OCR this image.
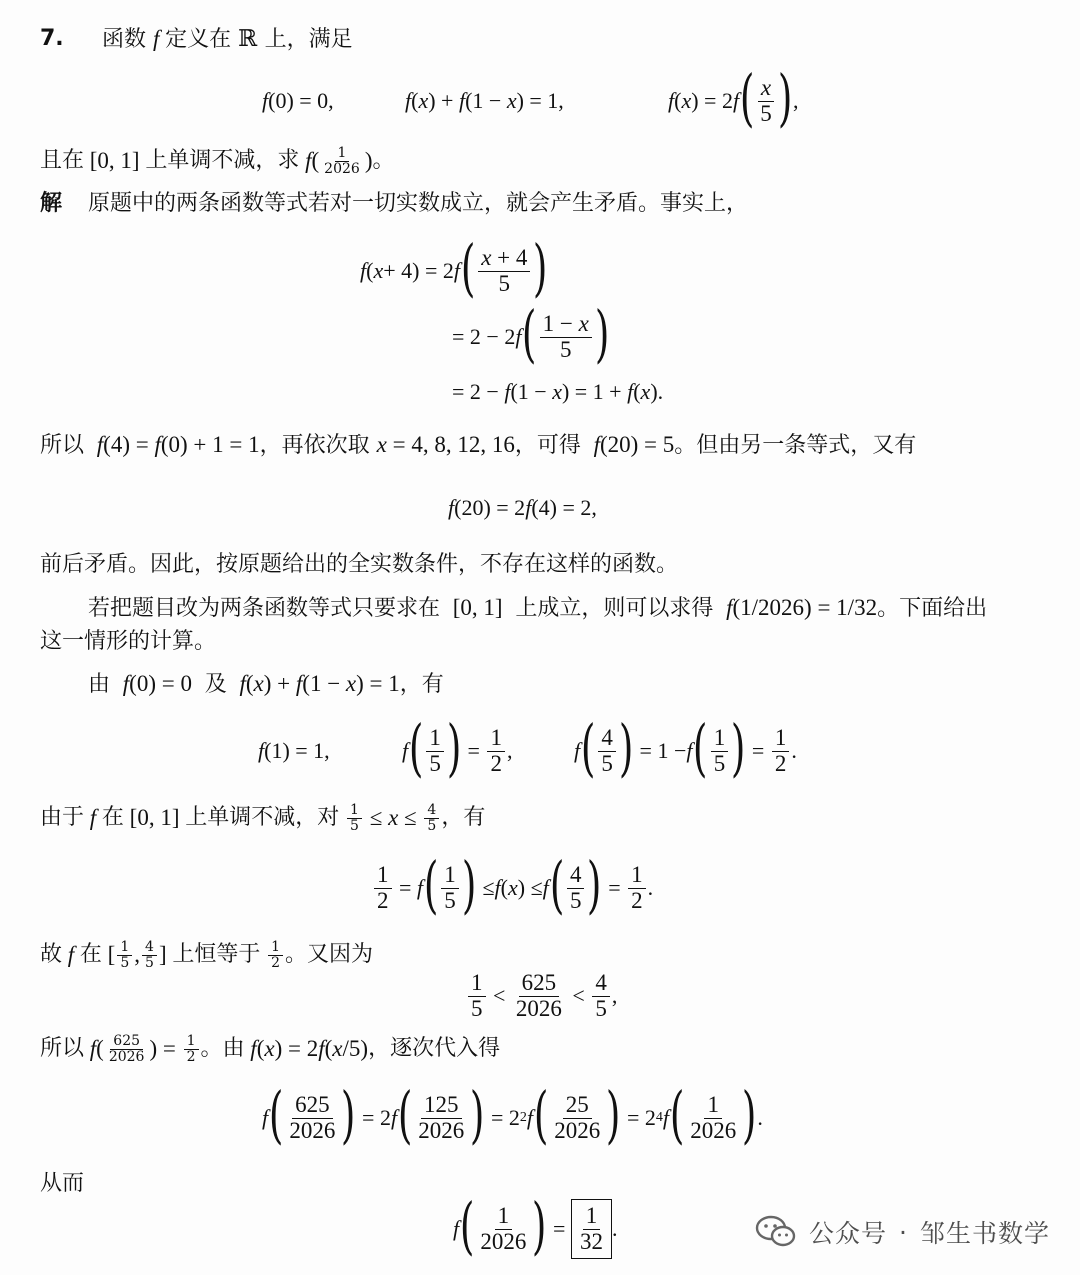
7. 函数 f 定义在 ℝ 上，满足
f(0) = 0,	f(x) + f(1 − x) = 1,	f ( x ) = 2 f ( $\frac{x}{5}$ ) ,
且在 [0, 1] 上单调不减，求 $f( \frac{1}{2026}$ ) 。
解 原题中的两条函数等式若对一切实数成立，就会产生矛盾。事实上，
f ( x + 4) = 2 f ( $\frac{x + 4}{5}$ )
= 2 − 2 f ( $\frac{1 - x}{5}$ )
= 2 − f(1 − x) = 1 + f(x).
所以 f(4) = f(0) + 1 = 1，再依次取 x = 4, 8, 12, 16，可得 f(20) = 5。但由另一条等式，又有
f(20) = 2f(4) = 2,
前后矛盾。因此，按原题给出的全实数条件，不存在这样的函数。
若把题目改为两条函数等式只要求在  [0, 1]  上成立，则可以求得 f(1/2026) = 1/32。下面给出
这一情形的计算。
由 f(0) = 0  及 f(x) + f(1 − x) = 1，有
f(1) = 1,	f ( $\frac{1}{5}$ ) = $\frac{1}{2}$ ,	f ( $\frac{4}{5}$ ) = 1 − f ( $\frac{1}{5}$ ) = $\frac{1}{2}$ .
由于 f 在 [0, 1] 上单调不减，对
$\frac{1}{5} \le x \le \frac{4}{5}$ ，有
$\frac{1}{2} = f$ ( $\frac{1}{5}$ ) ≤ f ( x ) ≤ f ( $\frac{4}{5}$ ) = $\frac{1}{2}$ .
故 f 在 [ $\frac{1}{5}$ , $\frac{4}{5}$ ] 上恒等于
$\frac{1}{2}$ 。又因为
$\frac{1}{5} < \frac{625}{2026} < \frac{4}{5}$ ,
所以 $f( \frac{625}{2026}$ ) = $\frac{1}{2}$ 。由 f(x) = 2f(x/5) ，逐次代入得
f ( $\frac{625}{2026}$ ) = 2 f ( $\frac{125}{2026}$ ) = 2 2 f ( $\frac{25}{2026}$ ) = 2 4 f ( $\frac{1}{2026}$ ) .
从而
f ( $\frac{1}{2026}$ ) = $\frac{1}{32}$ .	公众号 · 邹生书数学
